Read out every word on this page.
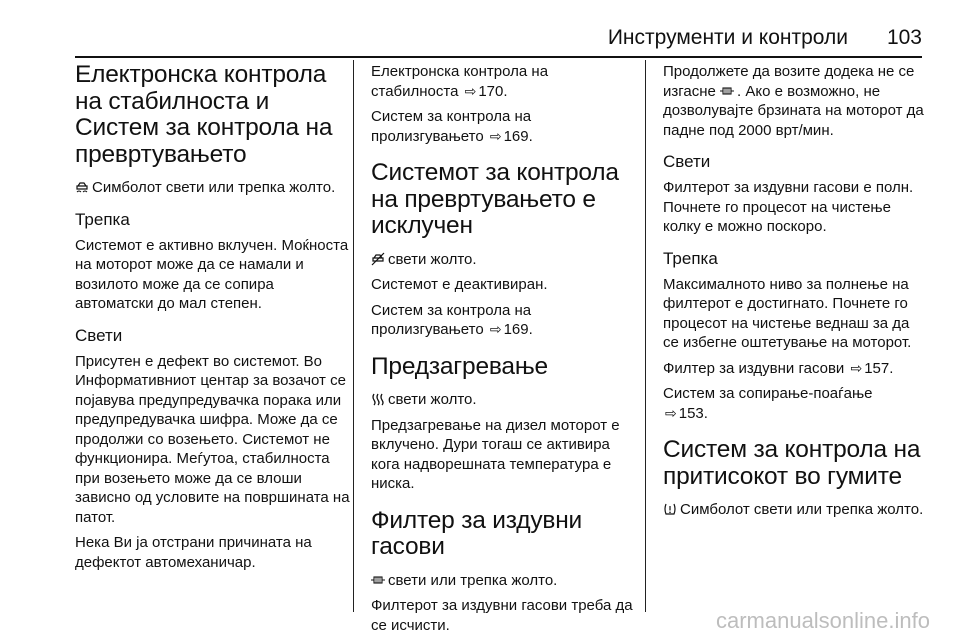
Инструменти и контроли 103
Електронска контрола на стабилноста и Систем за контрола на превртувањето

Симболот свети или трепка жолто.

Трепка

Системот е активно вклучен. Моќноста на моторот може да се намали и возилото може да се сопира автоматски до мал степен.

Свети

Присутен е дефект во системот. Во Информативниот центар за возачот се појавува предупредувачка порака или предупредувачка шифра. Може да се продолжи со возењето. Системот не функционира. Меѓутоа, стабилноста при возењето може да се влоши зависно од условите на површината на патот.

Нека Ви ја отстрани причината на дефектот автомеханичар.

Електронска контрола на стабилноста ⇨ 170.

Систем за контрола на пролизгувањето ⇨ 169.

Системот за контрола на превртувањето е исклучен

свети жолто.

Системот е деактивиран.

Систем за контрола на пролизгувањето ⇨ 169.

Предзагревање

свети жолто.

Предзагревање на дизел моторот е вклучено. Дури тогаш се активира кога надворешната температура е ниска.

Филтер за издувни гасови

свети или трепка жолто.

Филтерот за издувни гасови треба да се исчисти.

Продолжете да возите додека не се изгасне . Ако е возможно, не дозволувајте брзината на моторот да падне под 2000 врт/мин.

Свети

Филтерот за издувни гасови е полн. Почнете го процесот на чистење колку е можно поскоро.

Трепка

Максималното ниво за полнење на филтерот е достигнато. Почнете го процесот на чистење веднаш за да се избегне оштетување на моторот.

Филтер за издувни гасови ⇨ 157.

Систем за сопирање-поаѓање
⇨ 153.

Систем за контрола на притисокот во гумите

Симболот свети или трепка жолто.

carmanualsonline.info
